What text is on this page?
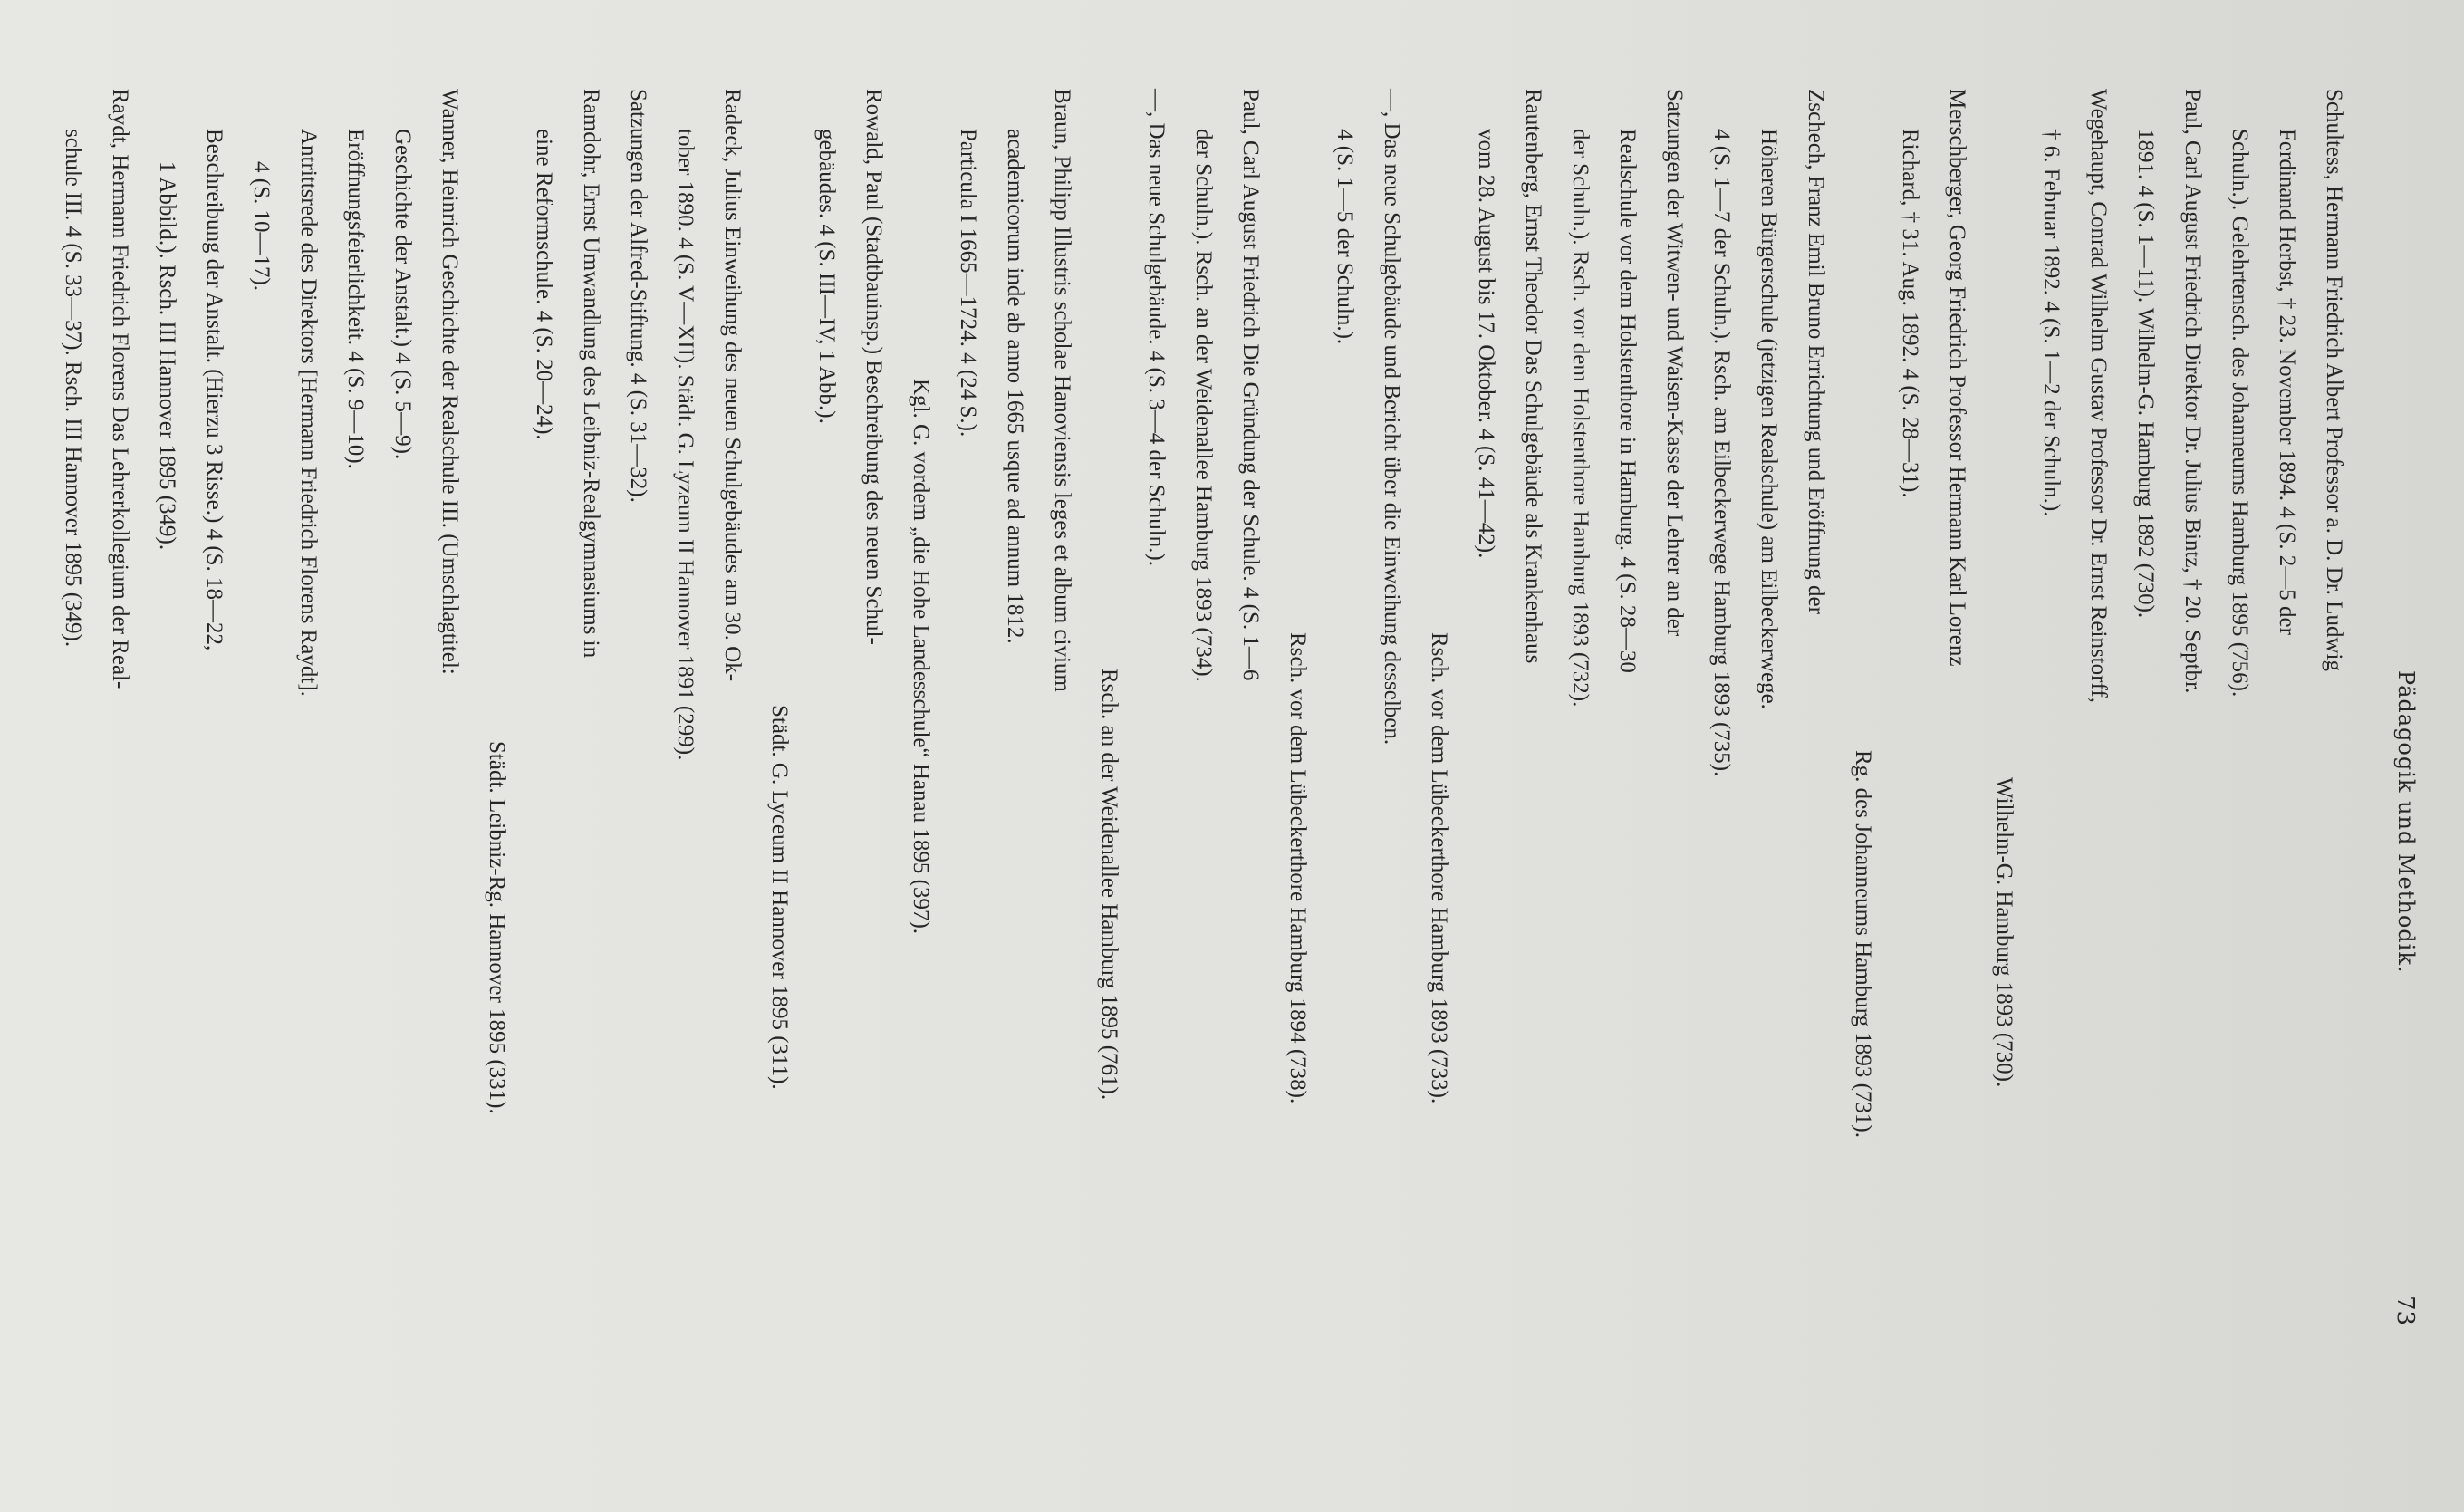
Pädagogik und Methodik.
73
Schultess, Hermann Friedrich Albert Professor a. D. Dr. Ludwig
Ferdinand Herbst, † 23. November 1894. 4 (S. 2—5 der
Schuln.). Gelehrtensch. des Johanneums Hamburg 1895 (756).
Paul, Carl August Friedrich Direktor Dr. Julius Bintz, † 20. Septbr.
1891. 4 (S. 1—11). Wilhelm-G. Hamburg 1892 (730).
Wegehaupt, Conrad Wilhelm Gustav Professor Dr. Ernst Reinstorff,
† 6. Februar 1892. 4 (S. 1—2 der Schuln.).
Wilhelm-G. Hamburg 1893 (730).
Merschberger, Georg Friedrich Professor Hermann Karl Lorenz
Richard, † 31. Aug. 1892. 4 (S. 28—31).
Rg. des Johanneums Hamburg 1893 (731).
Zschech, Franz Emil Bruno Errichtung und Eröffnung der
Höheren Bürgerschule (jetzigen Realschule) am Eilbeckerwege.
4 (S. 1—7 der Schuln.). Rsch. am Eilbeckerwege Hamburg 1893 (735).
Satzungen der Witwen- und Waisen-Kasse der Lehrer an der
Realschule vor dem Holstenthore in Hamburg. 4 (S. 28—30
der Schuln.). Rsch. vor dem Holstenthore Hamburg 1893 (732).
Rautenberg, Ernst Theodor Das Schulgebäude als Krankenhaus
vom 28. August bis 17. Oktober. 4 (S. 41—42).
Rsch. vor dem Lübeckerthore Hamburg 1893 (733).
—, Das neue Schulgebäude und Bericht über die Einweihung desselben.
4 (S. 1—5 der Schuln.).
Rsch. vor dem Lübeckerthore Hamburg 1894 (738).
Paul, Carl August Friedrich Die Gründung der Schule. 4 (S. 1—6
der Schuln.). Rsch. an der Weidenallee Hamburg 1893 (734).
—, Das neue Schulgebäude. 4 (S. 3—4 der Schuln.).
Rsch. an der Weidenallee Hamburg 1895 (761).
Braun, Philipp Illustris scholae Hanoviensis leges et album civium
academicorum inde ab anno 1665 usque ad annum 1812.
Particula I 1665—1724. 4 (24 S.).
Kgl. G. vordem „die Hohe Landesschule“ Hanau 1895 (397).
Rowald, Paul (Stadtbauinsp.) Beschreibung des neuen Schul-
gebäudes. 4 (S. III—IV, 1 Abb.).
Städt. G. Lyceum II Hannover 1895 (311).
Radeck, Julius Einweihung des neuen Schulgebäudes am 30. Ok-
tober 1890. 4 (S. V—XII). Städt. G. Lyzeum II Hannover 1891 (299).
Satzungen der Alfred-Stiftung. 4 (S. 31—32).
Ramdohr, Ernst Umwandlung des Leibniz-Realgymnasiums in
eine Reformschule. 4 (S. 20—24).
Städt. Leibniz-Rg. Hannover 1895 (331).
Wanner, Heinrich Geschichte der Realschule III. (Umschlagtitel:
Geschichte der Anstalt.) 4 (S. 5—9).
Eröffnungsfeierlichkeit. 4 (S. 9—10).
Antrittsrede des Direktors [Hermann Friedrich Florens Raydt].
4 (S. 10—17).
Beschreibung der Anstalt. (Hierzu 3 Risse.) 4 (S. 18—22,
1 Abbild.). Rsch. III Hannover 1895 (349).
Raydt, Hermann Friedrich Florens Das Lehrerkollegium der Real-
schule III. 4 (S. 33—37). Rsch. III Hannover 1895 (349).
